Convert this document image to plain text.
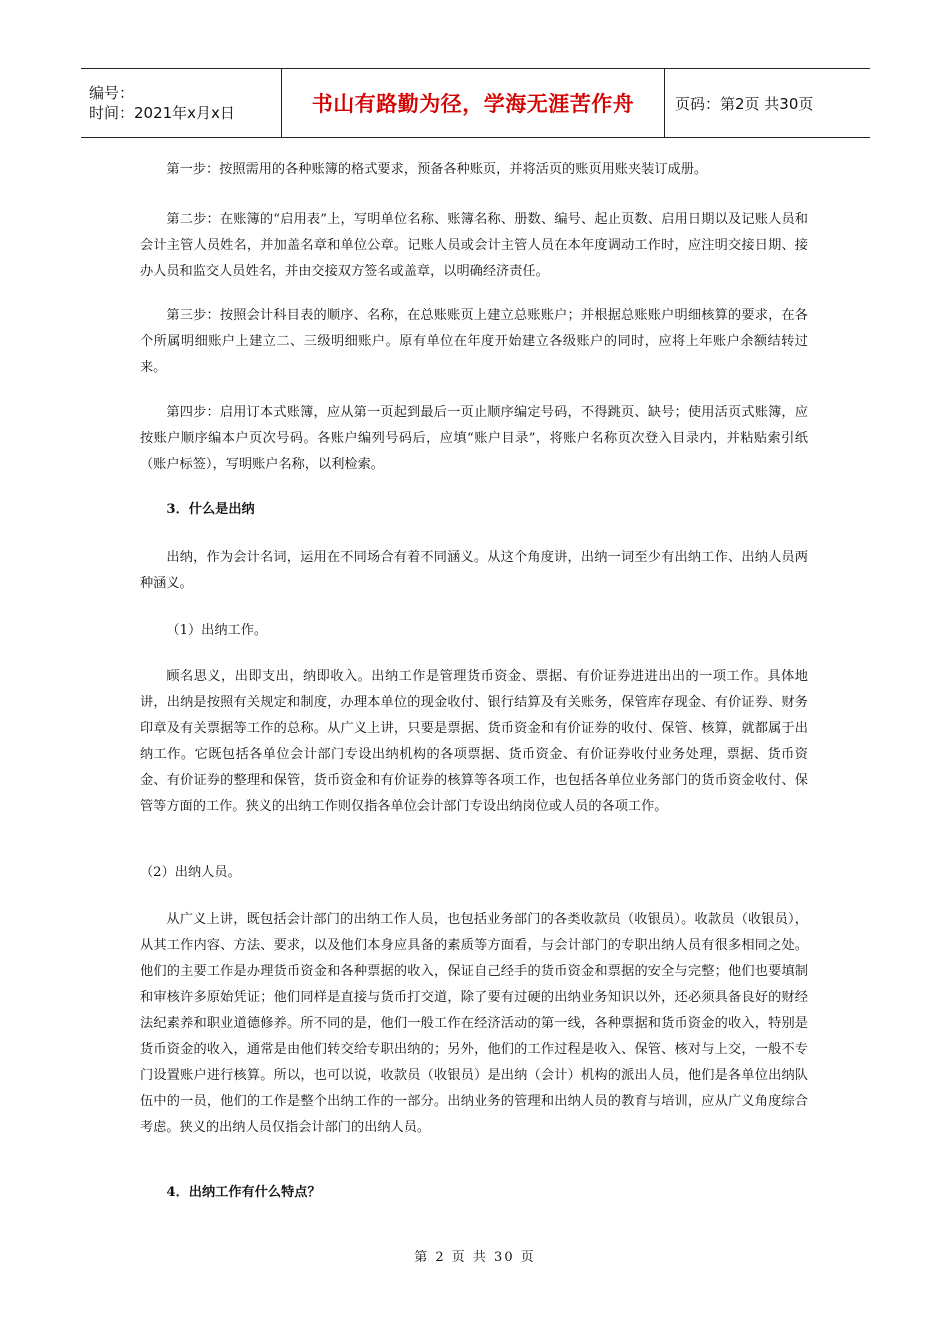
编号：
时间：2021年x月x日	书山有路勤为径，学海无涯苦作舟	页码：第2页 共30页

第一步：按照需用的各种账簿的格式要求，预备各种账页，并将活页的账页用账夹装订成册。

第二步：在账簿的“启用表”上，写明单位名称、账簿名称、册数、编号、起止页数、启用日期以及记账人员和会计主管人员姓名，并加盖名章和单位公章。记账人员或会计主管人员在本年度调动工作时，应注明交接日期、接办人员和监交人员姓名，并由交接双方签名或盖章，以明确经济责任。

第三步：按照会计科目表的顺序、名称，在总账账页上建立总账账户；并根据总账账户明细核算的要求，在各个所属明细账户上建立二、三级明细账户。原有单位在年度开始建立各级账户的同时，应将上年账户余额结转过来。

第四步：启用订本式账簿，应从第一页起到最后一页止顺序编定号码，不得跳页、缺号；使用活页式账簿，应按账户顺序编本户页次号码。各账户编列号码后，应填“账户目录”，将账户名称页次登入目录内，并粘贴索引纸（账户标签），写明账户名称，以利检索。

3．什么是出纳

出纳，作为会计名词，运用在不同场合有着不同涵义。从这个角度讲，出纳一词至少有出纳工作、出纳人员两种涵义。

（1）出纳工作。

顾名思义，出即支出，纳即收入。出纳工作是管理货币资金、票据、有价证券进进出出的一项工作。具体地讲，出纳是按照有关规定和制度，办理本单位的现金收付、银行结算及有关账务，保管库存现金、有价证券、财务印章及有关票据等工作的总称。从广义上讲，只要是票据、货币资金和有价证券的收付、保管、核算，就都属于出纳工作。它既包括各单位会计部门专设出纳机构的各项票据、货币资金、有价证券收付业务处理，票据、货币资金、有价证券的整理和保管，货币资金和有价证券的核算等各项工作，也包括各单位业务部门的货币资金收付、保管等方面的工作。狭义的出纳工作则仅指各单位会计部门专设出纳岗位或人员的各项工作。

（2）出纳人员。

从广义上讲，既包括会计部门的出纳工作人员，也包括业务部门的各类收款员（收银员）。收款员（收银员），从其工作内容、方法、要求，以及他们本身应具备的素质等方面看，与会计部门的专职出纳人员有很多相同之处。他们的主要工作是办理货币资金和各种票据的收入，保证自己经手的货币资金和票据的安全与完整；他们也要填制和审核许多原始凭证；他们同样是直接与货币打交道，除了要有过硬的出纳业务知识以外，还必须具备良好的财经法纪素养和职业道德修养。所不同的是，他们一般工作在经济活动的第一线，各种票据和货币资金的收入，特别是货币资金的收入，通常是由他们转交给专职出纳的；另外，他们的工作过程是收入、保管、核对与上交，一般不专门设置账户进行核算。所以，也可以说，收款员（收银员）是出纳（会计）机构的派出人员，他们是各单位出纳队伍中的一员，他们的工作是整个出纳工作的一部分。出纳业务的管理和出纳人员的教育与培训，应从广义角度综合考虑。狭义的出纳人员仅指会计部门的出纳人员。

4．出纳工作有什么特点？

第 2 页 共 30 页
